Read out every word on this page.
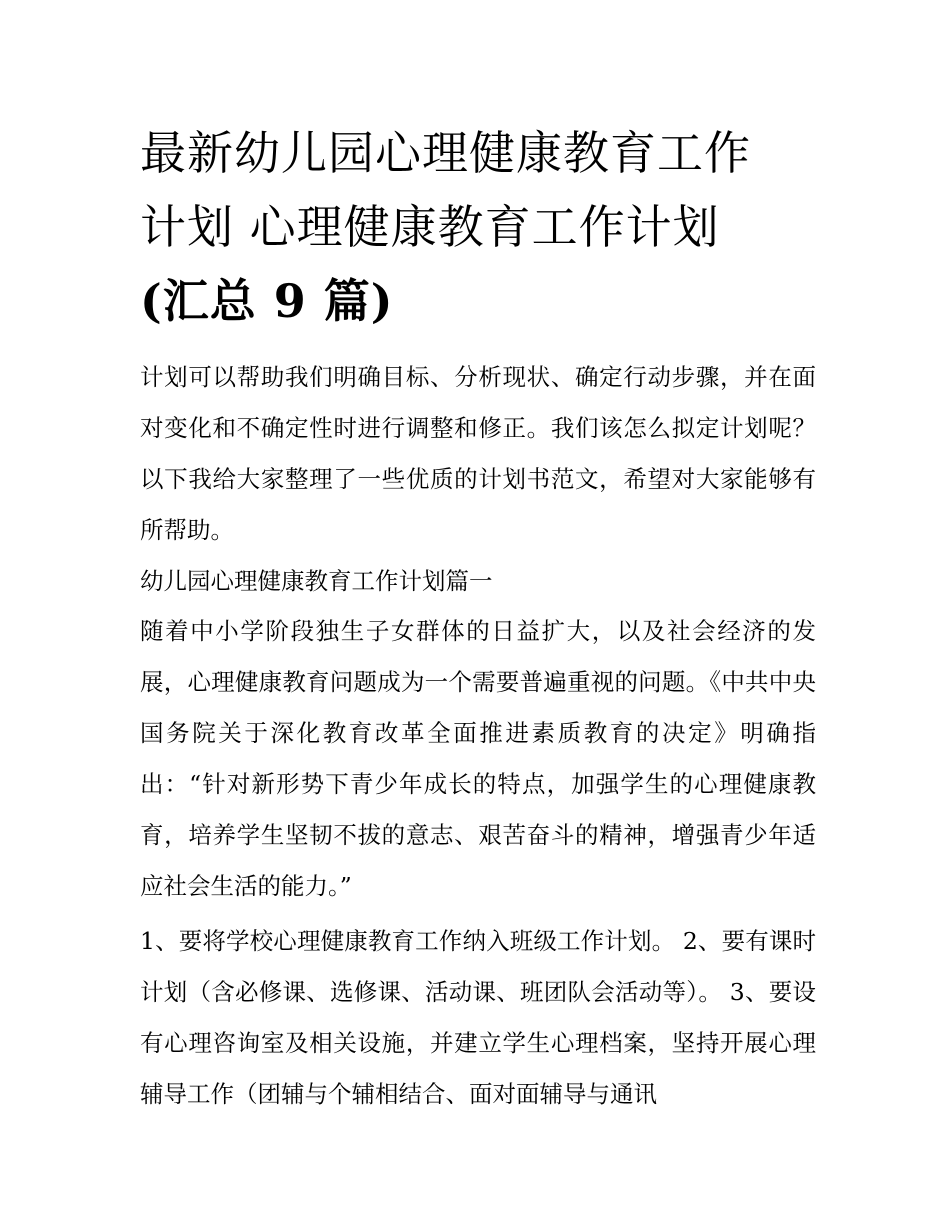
最新幼儿园心理健康教育工作
计划 心理健康教育工作计划
(汇总 9 篇)

计划可以帮助我们明确目标、分析现状、确定行动步骤，并在面对变化和不确定性时进行调整和修正。我们该怎么拟定计划呢？以下我给大家整理了一些优质的计划书范文，希望对大家能够有所帮助。

幼儿园心理健康教育工作计划篇一

随着中小学阶段独生子女群体的日益扩大，以及社会经济的发展，心理健康教育问题成为一个需要普遍重视的问题。《中共中央国务院关于深化教育改革全面推进素质教育的决定》明确指出：“针对新形势下青少年成长的特点，加强学生的心理健康教育，培养学生坚韧不拔的意志、艰苦奋斗的精神，增强青少年适应社会生活的能力。”

1、要将学校心理健康教育工作纳入班级工作计划。 2、要有课时计划（含必修课、选修课、活动课、班团队会活动等）。 3、要设有心理咨询室及相关设施，并建立学生心理档案，坚持开展心理辅导工作（团辅与个辅相结合、面对面辅导与通讯
